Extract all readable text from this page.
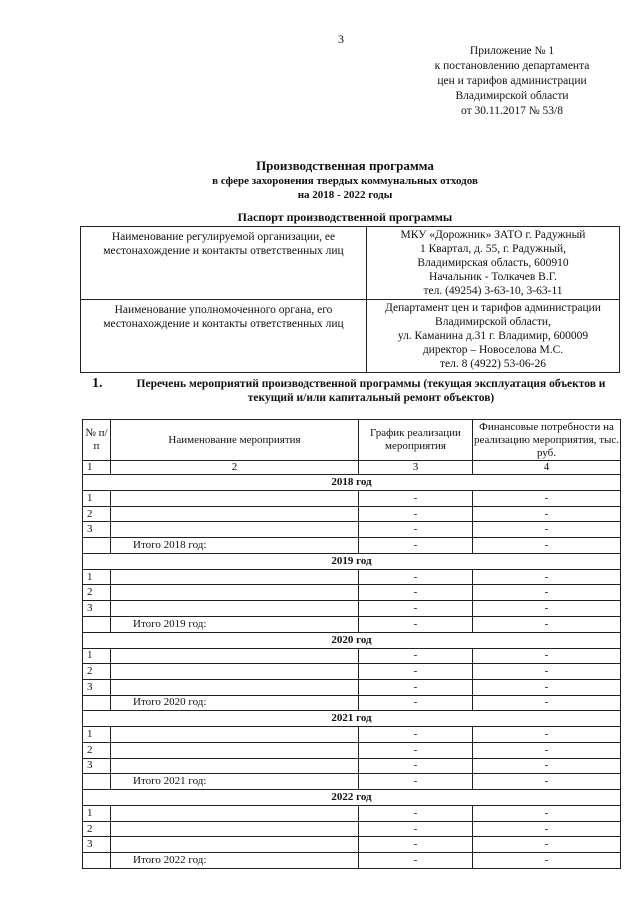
3
Приложение № 1
к постановлению департамента
цен и тарифов администрации
Владимирской области
от 30.11.2017 № 53/8
Производственная программа
в сфере захоронения твердых коммунальных отходов
на 2018 - 2022 годы
Паспорт производственной программы
Наименование регулируемой организации, ее местонахождение и контакты ответственных лиц	МКУ «Дорожник» ЗАТО г. Радужный
1 Квартал, д. 55, г. Радужный,
Владимирская область, 600910
Начальник - Толкачев В.Г.
тел. (49254) 3-63-10, 3-63-11

Наименование уполномоченного органа, его местонахождение и контакты ответственных лиц	Департамент цен и тарифов администрации
Владимирской области,
ул. Каманина д.31 г. Владимир, 600009
директор – Новоселова М.С.
тел. 8 (4922) 53-06-26
1.	Перечень мероприятий производственной программы (текущая эксплуатация объектов и текущий и/или капитальный ремонт объектов)
№ п/п	Наименование мероприятия	График реализации мероприятия	Финансовые потребности на реализацию мероприятия, тыс. руб.
1	2	3	4
2018 год			
1		-	-
2		-	-
3		-	-
	Итого 2018 год:	-	-
2019 год			
1		-	-
2		-	-
3		-	-
	Итого 2019 год:	-	-
2020 год			
1		-	-
2		-	-
3		-	-
	Итого 2020 год:	-	-
2021 год			
1		-	-
2		-	-
3		-	-
	Итого 2021 год:	-	-
2022 год			
1		-	-
2		-	-
3		-	-
	Итого 2022 год:	-	-
